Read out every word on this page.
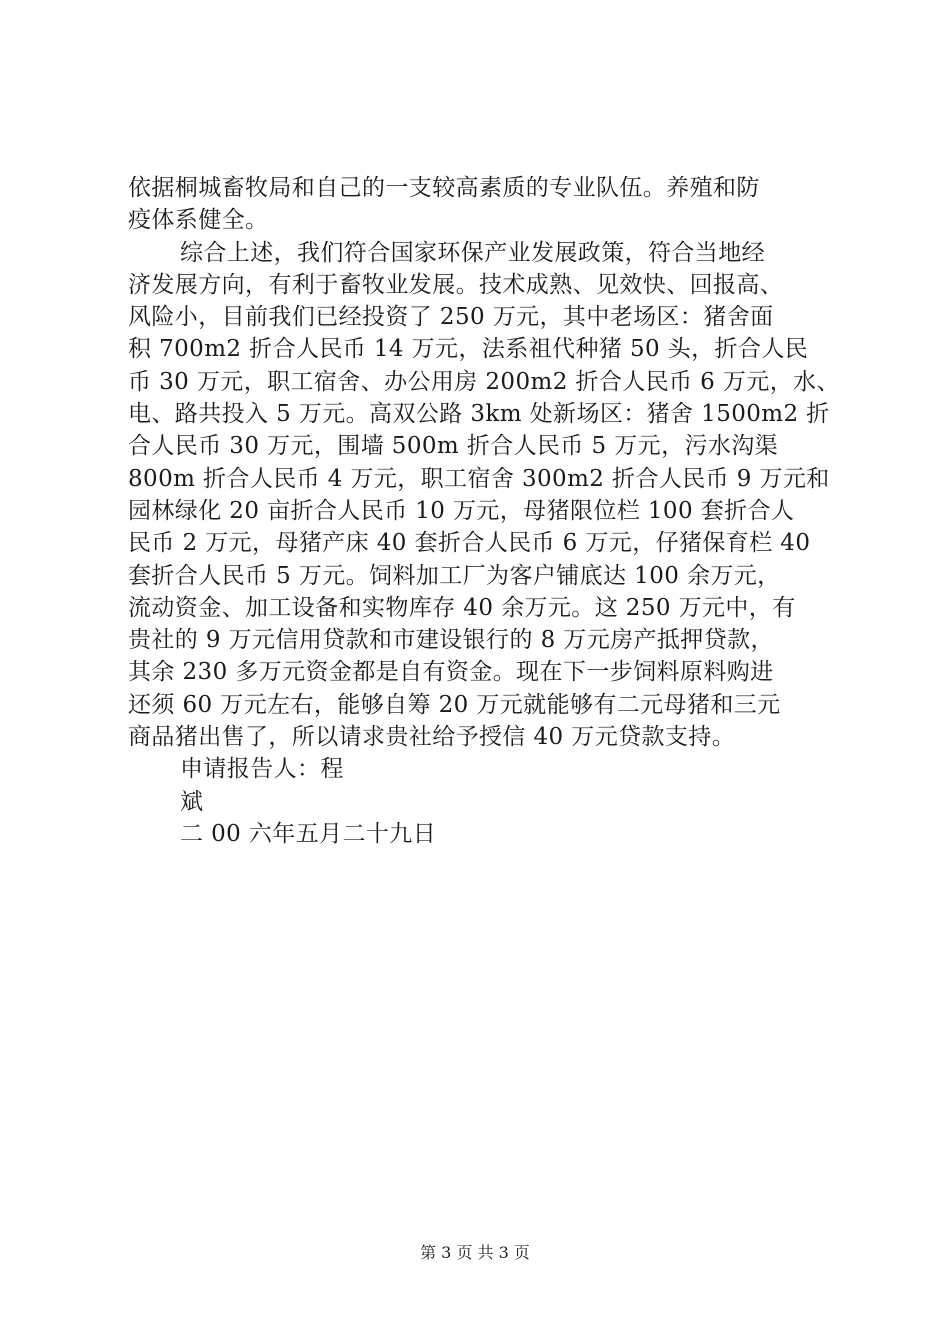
依据桐城畜牧局和自己的一支较高素质的专业队伍。养殖和防
疫体系健全。
综合上述，我们符合国家环保产业发展政策，符合当地经
济发展方向，有利于畜牧业发展。技术成熟、见效快、回报高、
风险小，目前我们已经投资了 250 万元，其中老场区：猪舍面
积 700m2 折合人民币 14 万元，法系祖代种猪 50 头，折合人民
币 30 万元，职工宿舍、办公用房 200m2 折合人民币 6 万元，水、
电、路共投入 5 万元。高双公路 3km 处新场区：猪舍 1500m2 折
合人民币 30 万元，围墙 500m 折合人民币 5 万元，污水沟渠
800m 折合人民币 4 万元，职工宿舍 300m2 折合人民币 9 万元和
园林绿化 20 亩折合人民币 10 万元，母猪限位栏 100 套折合人
民币 2 万元，母猪产床 40 套折合人民币 6 万元，仔猪保育栏 40
套折合人民币 5 万元。饲料加工厂为客户铺底达 100 余万元，
流动资金、加工设备和实物库存 40 余万元。这 250 万元中，有
贵社的 9 万元信用贷款和市建设银行的 8 万元房产抵押贷款，
其余 230 多万元资金都是自有资金。现在下一步饲料原料购进
还须 60 万元左右，能够自筹 20 万元就能够有二元母猪和三元
商品猪出售了，所以请求贵社给予授信 40 万元贷款支持。
申请报告人：程
斌
二 00 六年五月二十九日
第 3 页 共 3 页
